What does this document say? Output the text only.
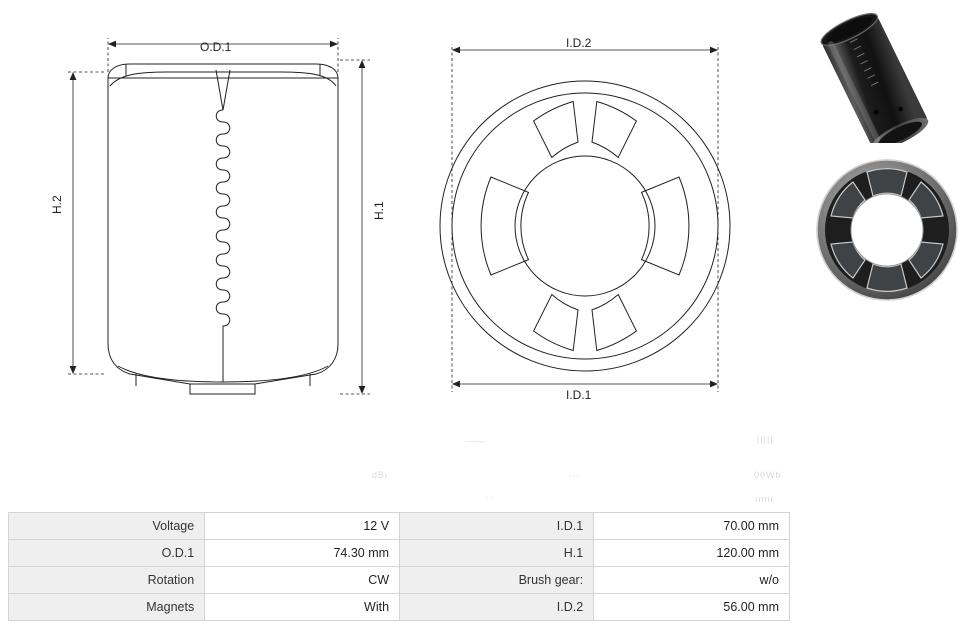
O.D.1
H.2	H.1
I.D.2
I.D.1
——	|||||
dBi	···	00Wb
··	ınnr
Voltage	12 V	I.D.1	70.00 mm
O.D.1	74.30 mm	H.1	120.00 mm
Rotation	CW	Brush gear:	w/o
Magnets	With	I.D.2	56.00 mm
